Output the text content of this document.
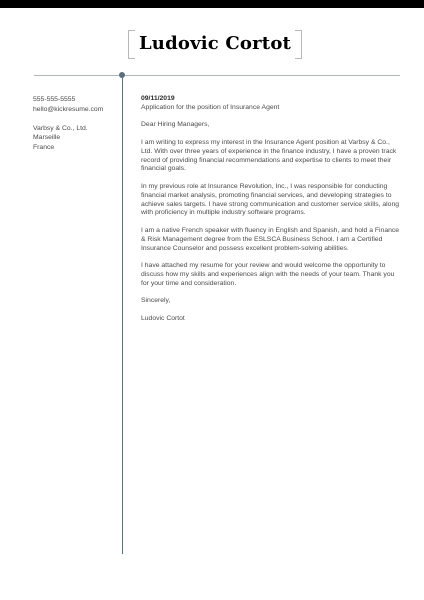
Ludovic Cortot
555-555-5555
hello@kickresume.com
Varbsy & Co., Ltd.
Marseille
France
09/11/2019

Application for the position of Insurance Agent

Dear Hiring Managers,

I am writing to express my interest in the Insurance Agent position at Varbsy & Co., Ltd. With over three years of experience in the finance industry, I have a proven track record of providing financial recommendations and expertise to clients to meet their financial goals.

In my previous role at Insurance Revolution, Inc., I was responsible for conducting financial market analysis, promoting financial services, and developing strategies to achieve sales targets. I have strong communication and customer service skills, along with proficiency in multiple industry software programs.

I am a native French speaker with fluency in English and Spanish, and hold a Finance & Risk Management degree from the ESLSCA Business School. I am a Certified Insurance Counselor and possess excellent problem-solving abilities.

I have attached my resume for your review and would welcome the opportunity to discuss how my skills and experiences align with the needs of your team. Thank you for your time and consideration.

Sincerely,

Ludovic Cortot
